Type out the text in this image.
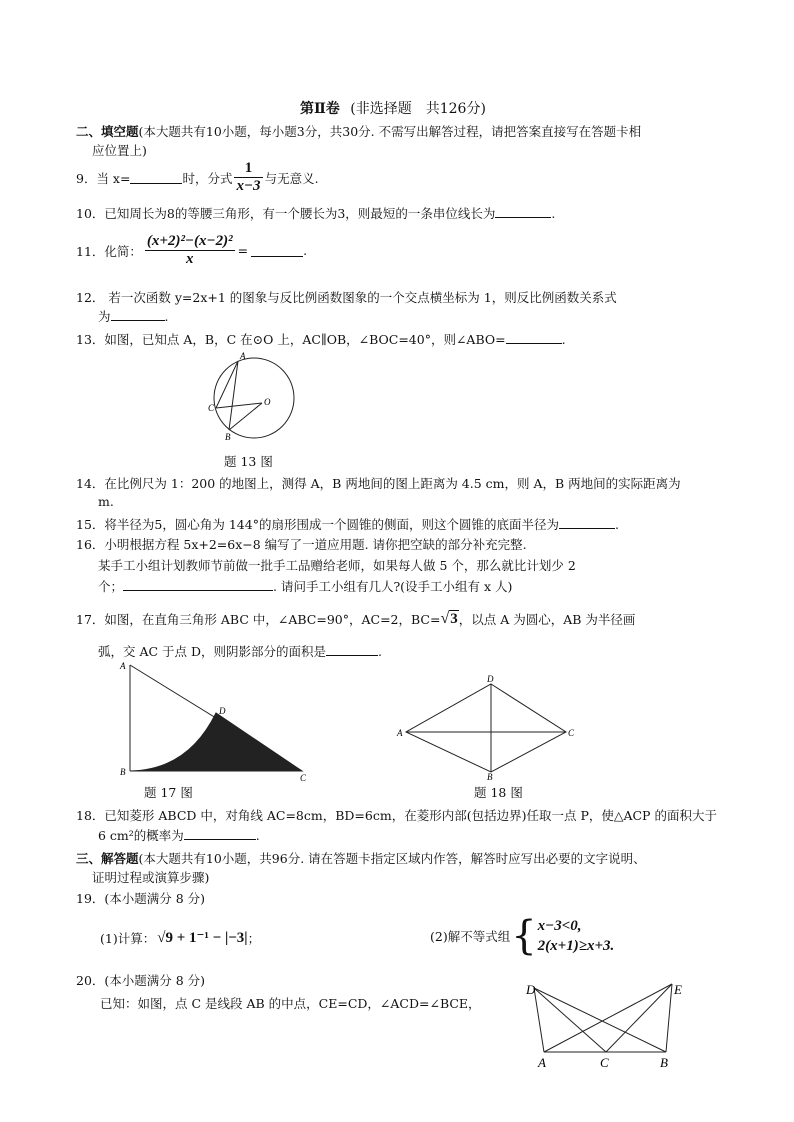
第Ⅱ卷 (非选择题　共126分)
二、填空题(本大题共有10小题，每小题3分，共30分. 不需写出解答过程，请把答案直接写在答题卡相
应位置上)
9．当 x=	时，分式 $\frac{1}{x-3}$ 与无意义.
10．已知周长为8的等腰三角形，有一个腰长为3，则最短的一条串位线长为	.
11．化简： $\frac{\text{(x+2)²−(x−2)²}}{x}$ =	.
12． 若一次函数 y=2x+1 的图象与反比例函数图象的一个交点横坐标为 1，则反比例函数关系式
为	.
13．如图，已知点 A，B，C 在⊙O 上，AC∥OB，∠BOC=40°，则∠ABO=	.
A
O
C
B
题 13 图
14．在比例尺为 1：200 的地图上，测得 A，B 两地间的图上距离为 4.5 cm，则 A，B 两地间的实际距离为
m.
15．将半径为5，圆心角为 144°的扇形围成一个圆锥的侧面，则这个圆锥的底面半径为	.
16．小明根据方程 5x+2=6x−8 编写了一道应用题. 请你把空缺的部分补充完整.
某手工小组计划教师节前做一批手工品赠给老师，如果每人做 5 个，那么就比计划少 2
个；	. 请问手工小组有几人?(设手工小组有 x 人)
17．如图，在直角三角形 ABC 中，∠ABC=90°，AC=2，BC= √ 3 ，以点 A 为圆心，AB 为半径画
弧，交 AC 于点 D，则阴影部分的面积是	.
A
D
B
C
题 17 图
D
A	C
B
题 18 图
18．已知菱形 ABCD 中，对角线 AC=8cm，BD=6cm，在菱形内部(包括边界)任取一点 P，使△ACP 的面积大于
6 cm²的概率为	.
三、解答题(本大题共有10小题，共96分. 请在答题卡指定区域内作答，解答时应写出必要的文字说明、
证明过程或演算步骤)
19．(本小题满分 8 分)
(1)计算： √9 + 1⁻¹ − |−3| ；	(2)解不等式组 { x−3<0,
2(x+1)≥x+3.
20．(本小题满分 8 分)
已知：如图，点 C 是线段 AB 的中点，CE=CD，∠ACD=∠BCE，
D	E
A	C	B
